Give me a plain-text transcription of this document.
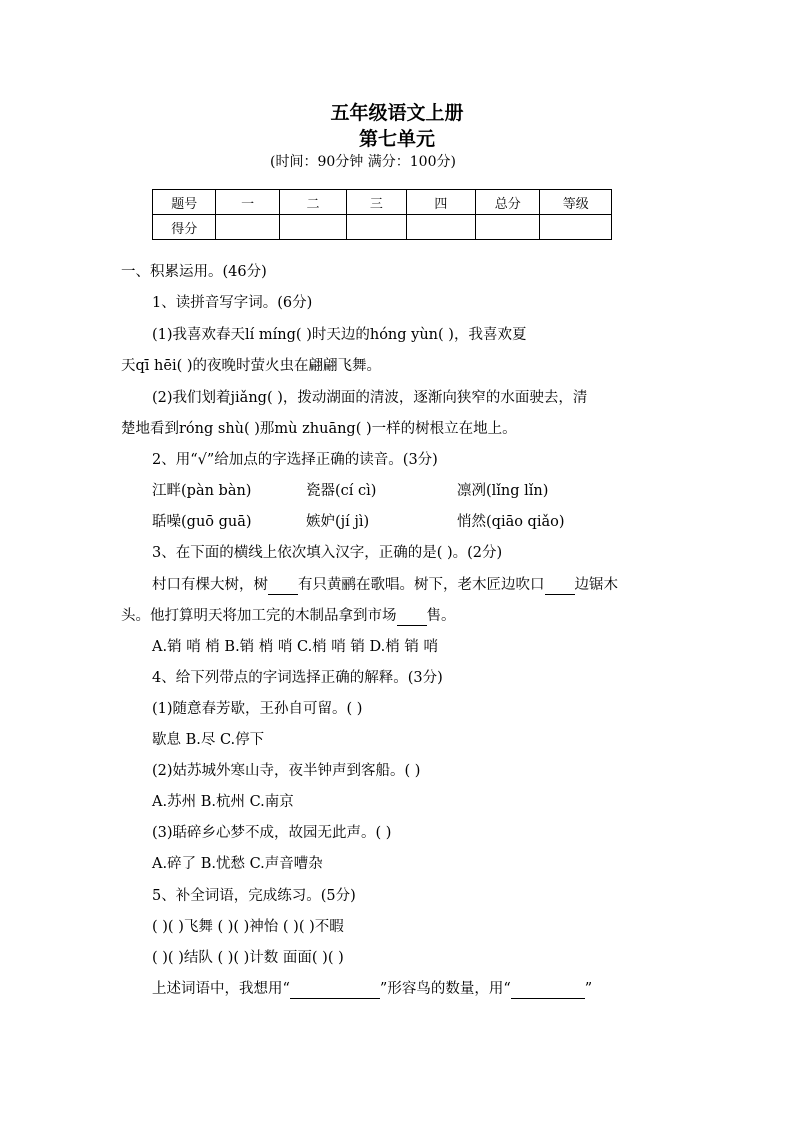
五年级语文上册
第七单元
(时间：90分钟 满分：100分)
题号	一	二	三	四	总分	等级
得分						
一、积累运用。(46分)
1、读拼音写字词。(6分)
(1)我喜欢春天lí míng( )时天边的hóng yùn( )，我喜欢夏
天qī hēi( )的夜晚时萤火虫在翩翩飞舞。
(2)我们划着jiǎng( )，拨动湖面的清波，逐渐向狭窄的水面驶去，清
楚地看到róng shù( )那mù zhuāng( )一样的树根立在地上。
2、用“√”给加点的字选择正确的读音。(3分)
江畔(pàn bàn)	瓷器(cí cì)	凛冽(lǐng lǐn)
聒噪(guō guā)	嫉妒(jí jì)	悄然(qiāo qiǎo)
3、在下面的横线上依次填入汉字，正确的是( )。(2分)
村口有棵大树，树 有只黄鹂在歌唱。树下，老木匠边吹口 边锯木
头。他打算明天将加工完的木制品拿到市场 售。
A.销 哨 梢 B.销 梢 哨 C.梢 哨 销 D.梢 销 哨
4、给下列带点的字词选择正确的解释。(3分)
(1)随意春芳歇，王孙自可留。( )
歇息 B.尽 C.停下
(2)姑苏城外寒山寺，夜半钟声到客船。( )
A.苏州 B.杭州 C.南京
(3)聒碎乡心梦不成，故园无此声。( )
A.碎了 B.忧愁 C.声音嘈杂
5、补全词语，完成练习。(5分)
( )( )飞舞 ( )( )神怡 ( )( )不暇
( )( )结队 ( )( )计数 面面( )( )
上述词语中，我想用“	”形容鸟的数量，用“	”
